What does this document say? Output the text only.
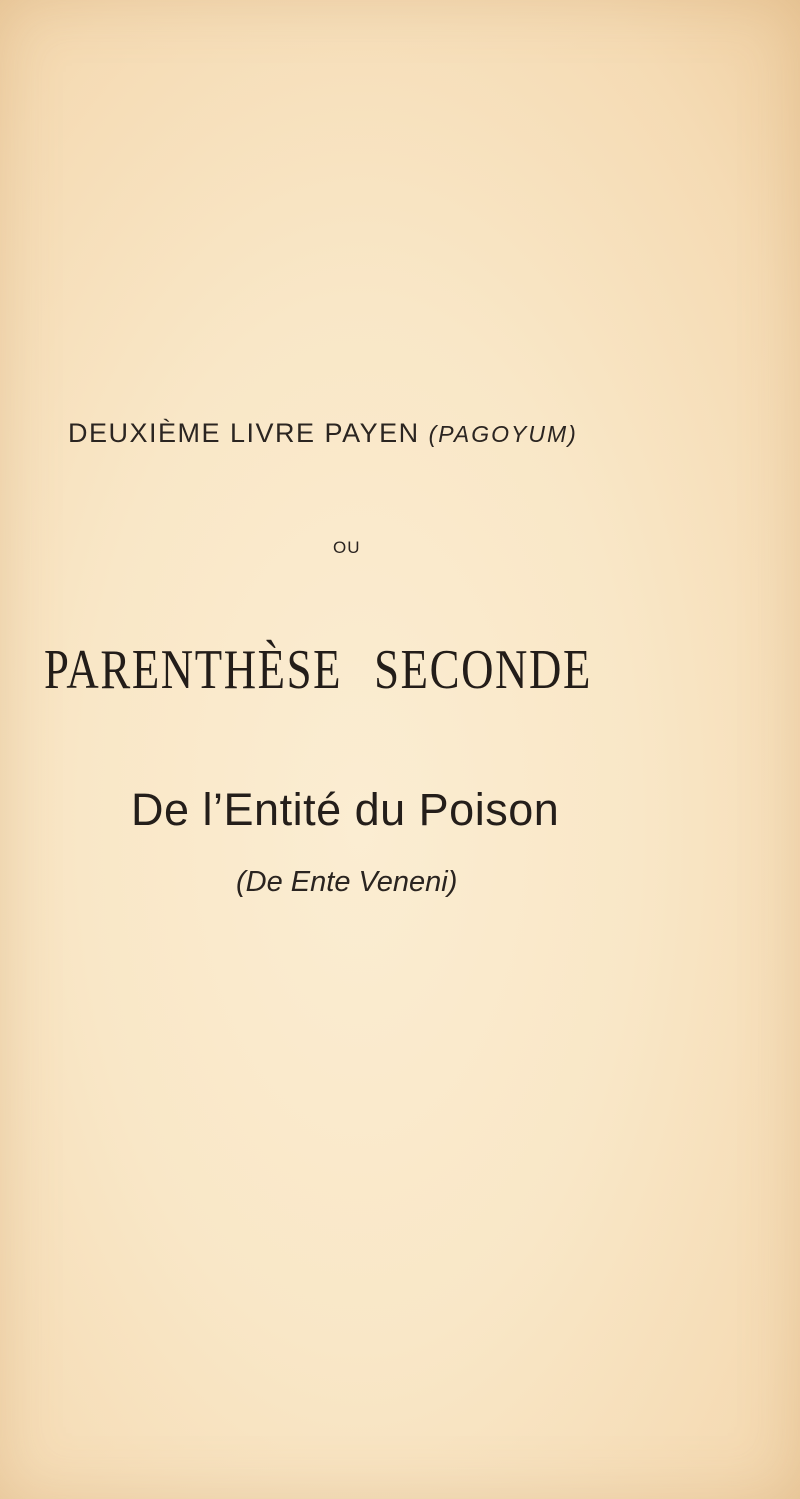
DEUXIÈME LIVRE PAYEN (PAGOYUM)
OU
PARENTHÈSE SECONDE
De l’Entité du Poison
(De Ente Veneni)
